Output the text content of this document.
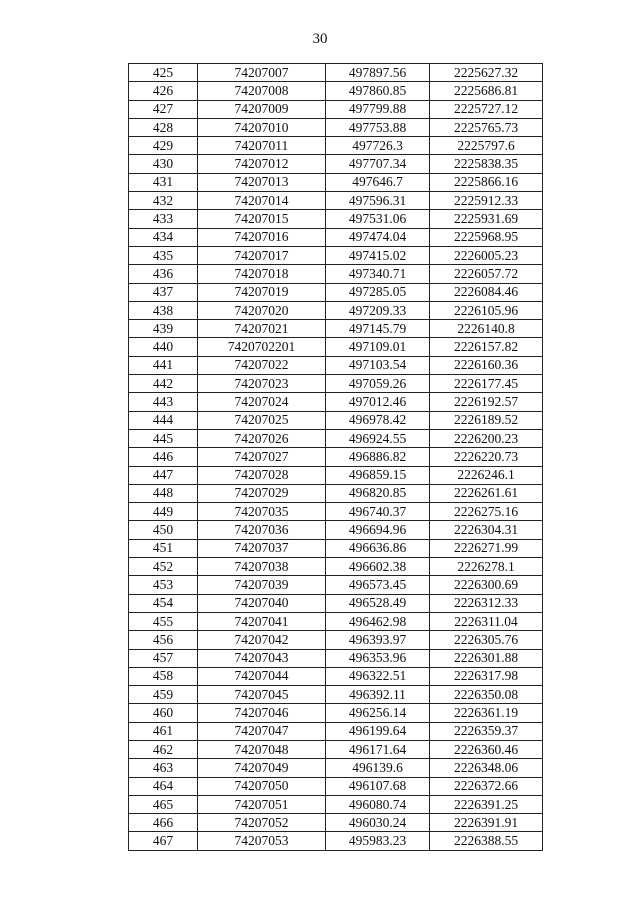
30
425	74207007	497897.56	2225627.32
426	74207008	497860.85	2225686.81
427	74207009	497799.88	2225727.12
428	74207010	497753.88	2225765.73
429	74207011	497726.3	2225797.6
430	74207012	497707.34	2225838.35
431	74207013	497646.7	2225866.16
432	74207014	497596.31	2225912.33
433	74207015	497531.06	2225931.69
434	74207016	497474.04	2225968.95
435	74207017	497415.02	2226005.23
436	74207018	497340.71	2226057.72
437	74207019	497285.05	2226084.46
438	74207020	497209.33	2226105.96
439	74207021	497145.79	2226140.8
440	7420702201	497109.01	2226157.82
441	74207022	497103.54	2226160.36
442	74207023	497059.26	2226177.45
443	74207024	497012.46	2226192.57
444	74207025	496978.42	2226189.52
445	74207026	496924.55	2226200.23
446	74207027	496886.82	2226220.73
447	74207028	496859.15	2226246.1
448	74207029	496820.85	2226261.61
449	74207035	496740.37	2226275.16
450	74207036	496694.96	2226304.31
451	74207037	496636.86	2226271.99
452	74207038	496602.38	2226278.1
453	74207039	496573.45	2226300.69
454	74207040	496528.49	2226312.33
455	74207041	496462.98	2226311.04
456	74207042	496393.97	2226305.76
457	74207043	496353.96	2226301.88
458	74207044	496322.51	2226317.98
459	74207045	496392.11	2226350.08
460	74207046	496256.14	2226361.19
461	74207047	496199.64	2226359.37
462	74207048	496171.64	2226360.46
463	74207049	496139.6	2226348.06
464	74207050	496107.68	2226372.66
465	74207051	496080.74	2226391.25
466	74207052	496030.24	2226391.91
467	74207053	495983.23	2226388.55
